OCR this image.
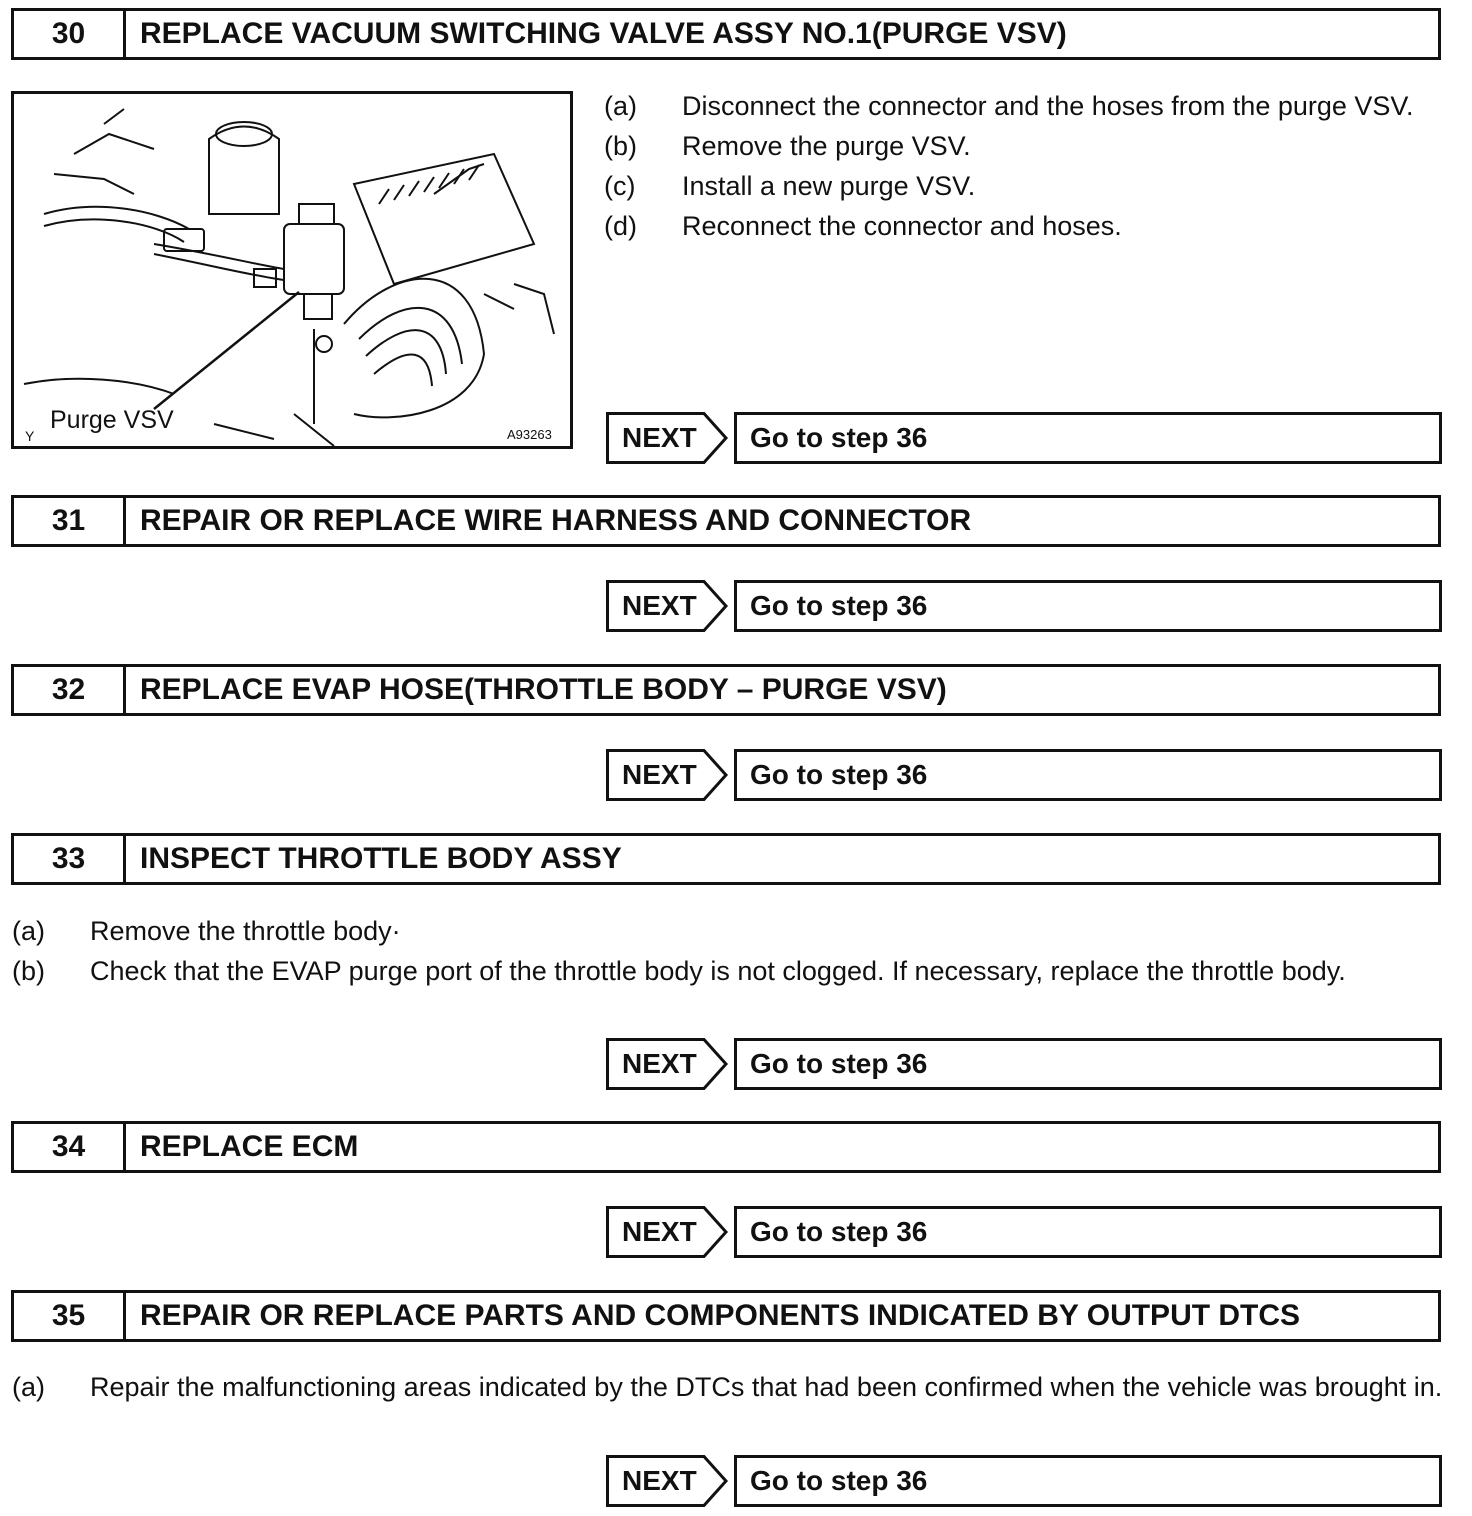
30	REPLACE VACUUM SWITCHING VALVE ASSY NO.1(PURGE VSV)
Purge VSV
A93263
Y
(a) Disconnect the connector and the hoses from the purge VSV.
(b) Remove the purge VSV.
(c) Install a new purge VSV.
(d) Reconnect the connector and hoses.
NEXT	Go to step 36
31	REPAIR OR REPLACE WIRE HARNESS AND CONNECTOR
NEXT	Go to step 36
32	REPLACE EVAP HOSE(THROTTLE BODY – PURGE VSV)
NEXT	Go to step 36
33	INSPECT THROTTLE BODY ASSY
(a) Remove the throttle body·
(b) Check that the EVAP purge port of the throttle body is not clogged. If necessary, replace the throttle body.
NEXT	Go to step 36
34	REPLACE ECM
NEXT	Go to step 36
35	REPAIR OR REPLACE PARTS AND COMPONENTS INDICATED BY OUTPUT DTCS
(a) Repair the malfunctioning areas indicated by the DTCs that had been confirmed when the vehicle was brought in.
NEXT	Go to step 36
